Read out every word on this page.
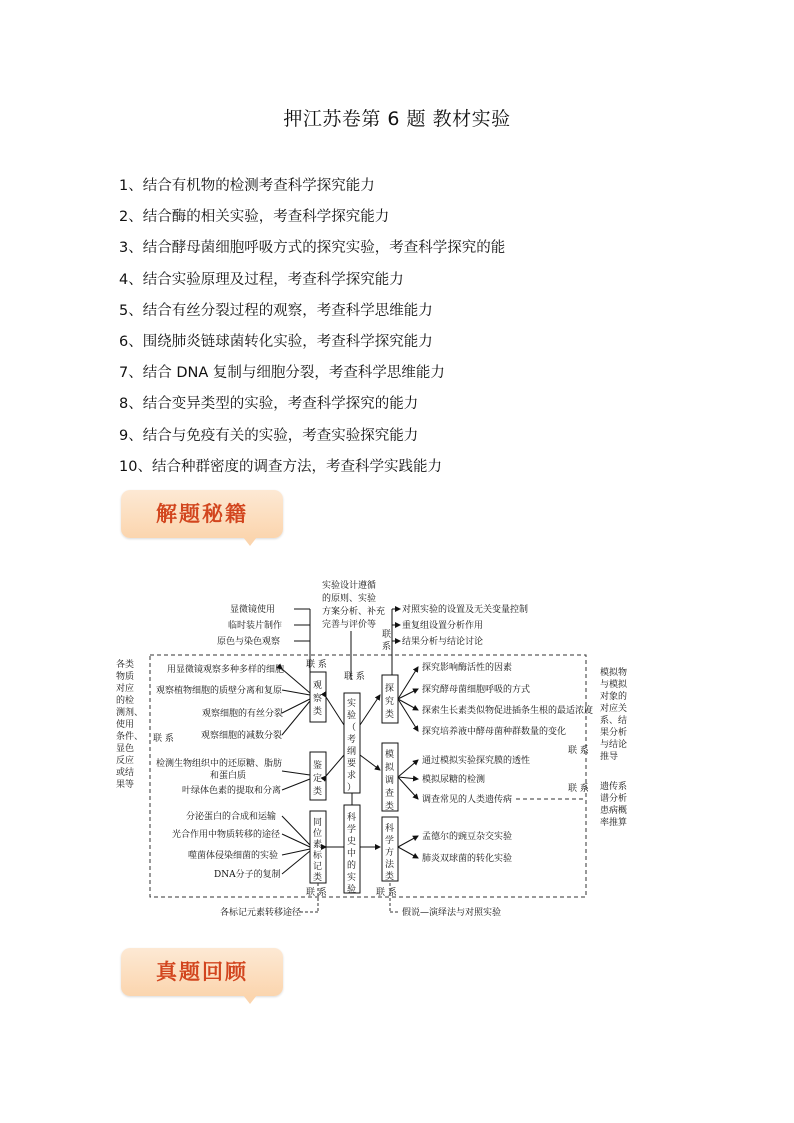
押江苏卷第 6 题 教材实验
1、结合有机物的检测考查科学探究能力
2、结合酶的相关实验，考查科学探究能力
3、结合酵母菌细胞呼吸方式的探究实验，考查科学探究的能
4、结合实验原理及过程，考查科学探究能力
5、结合有丝分裂过程的观察，考查科学思维能力
6、围绕肺炎链球菌转化实验，考查科学探究能力
7、结合 DNA 复制与细胞分裂，考查科学思维能力
8、结合变异类型的实验，考查科学探究的能力
9、结合与免疫有关的实验，考查实验探究能力
10、结合种群密度的调查方法，考查科学实践能力
解题秘籍
真题回顾
实验设计遵循
的原则、实验
方案分析、补充
完善与评价等
显微镜使用
临时装片制作
原色与染色观察
对照实验的设置及无关变量控制
重复组设置分析作用
结果分析与结论讨论
联 系
联 系
联
系
各类
物质
对应
的检
测剂、
使用
条件、
显色
反应
或结
果等
联 系
模拟物
与模拟
对象的
对应关
系、结
果分析
与结论
推导
遗传系
谱分析
患病概
率推算
联 系
联 系
观
察
类
用显微镜观察多种多样的细胞
观察植物细胞的质壁分离和复原
观察细胞的有丝分裂
观察细胞的减数分裂
鉴
定
类
检测生物组织中的还原糖、脂肪
和蛋白质
叶绿体色素的提取和分离
同
位
素
标
记
类
分泌蛋白的合成和运输
光合作用中物质转移的途径
噬菌体侵染细菌的实验
DNA分子的复制
实
验
（
考
纲
要
求
）
科
学
史
中
的
实
验
探
究
类
探究影响酶活性的因素
探究酵母菌细胞呼吸的方式
探索生长素类似物促进插条生根的最适浓度
探究培养液中酵母菌种群数量的变化
模
拟
调
查
类
通过模拟实验探究膜的透性
模拟尿糖的检测
调查常见的人类遗传病
科
学
方
法
类
孟德尔的豌豆杂交实验
肺炎双球菌的转化实验
联 系	联 系
各标记元素转移途径	假说—演绎法与对照实验
